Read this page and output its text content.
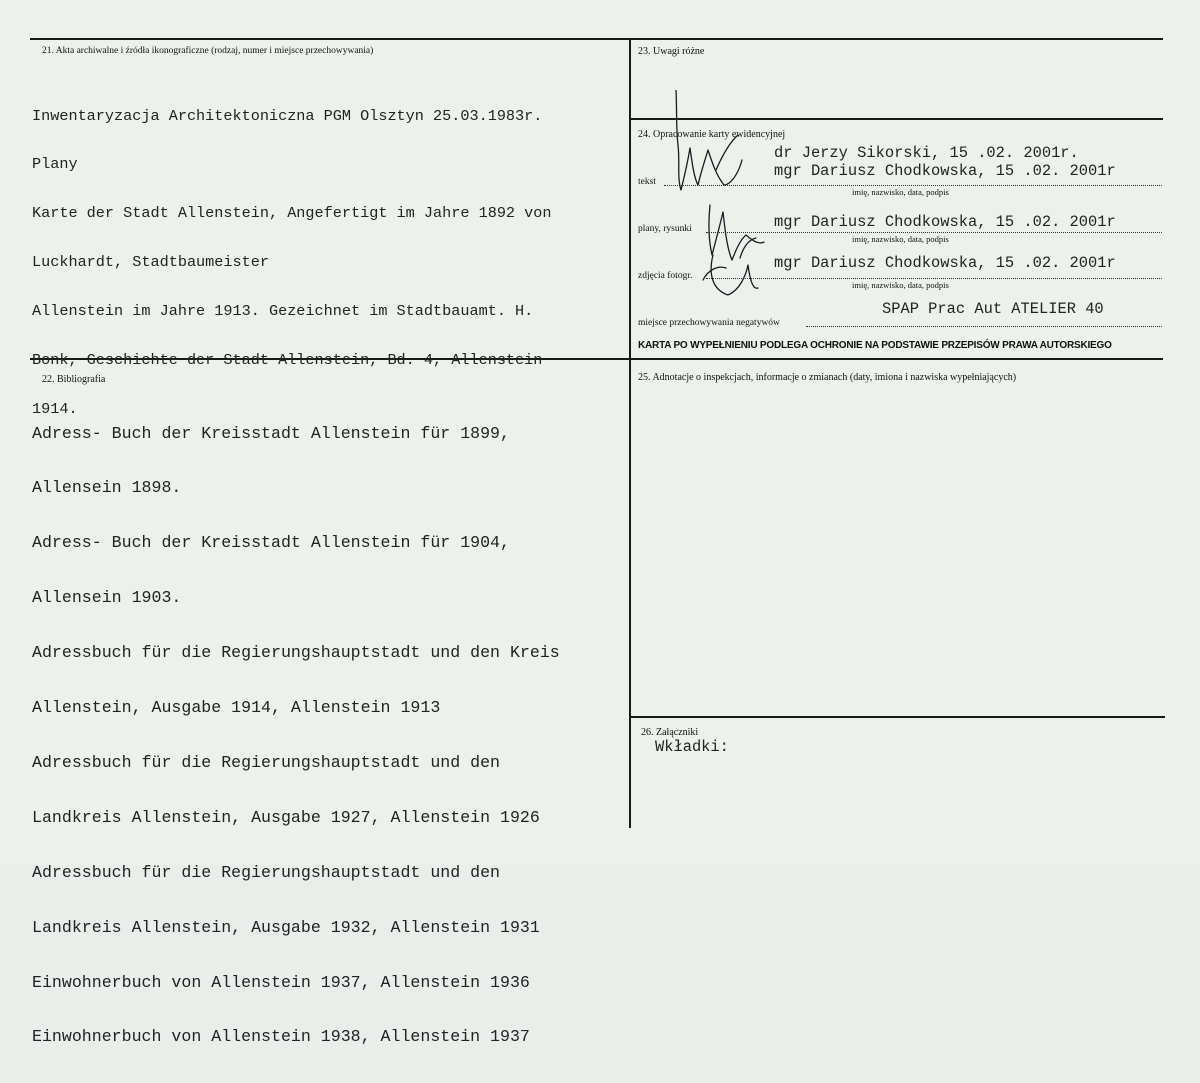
21. Akta archiwalne i źródła ikonograficzne (rodzaj, numer i miejsce przechowywania)

Inwentaryzacja Architektoniczna PGM Olsztyn 25.03.1983r.

Plany

Karte der Stadt Allenstein, Angefertigt im Jahre 1892 von

Luckhardt, Stadtbaumeister

Allenstein im Jahre 1913. Gezeichnet im Stadtbauamt. H.

Bonk, Geschichte der Stadt Allenstein, Bd. 4, Allenstein

1914.

22. Bibliografia

Adress- Buch der Kreisstadt Allenstein für 1899,

Allensein 1898.

Adress- Buch der Kreisstadt Allenstein für 1904,

Allensein 1903.

Adressbuch für die Regierungshauptstadt und den Kreis

Allenstein, Ausgabe 1914, Allenstein 1913

Adressbuch für die Regierungshauptstadt und den

Landkreis Allenstein, Ausgabe 1927, Allenstein 1926

Adressbuch für die Regierungshauptstadt und den

Landkreis Allenstein, Ausgabe 1932, Allenstein 1931

Einwohnerbuch von Allenstein 1937, Allenstein 1936

Einwohnerbuch von Allenstein 1938, Allenstein 1937

23. Uwagi różne
24. Opracowanie karty ewidencyjnej
dr Jerzy Sikorski, 15 .02. 2001r.
mgr Dariusz Chodkowska, 15 .02. 2001r
tekst
imię, nazwisko, data, podpis
mgr Dariusz Chodkowska, 15 .02. 2001r
plany, rysunki
imię, nazwisko, data, podpis
mgr Dariusz Chodkowska, 15 .02. 2001r
zdjęcia fotogr.
imię, nazwisko, data, podpis
SPAP Prac Aut ATELIER 40
miejsce przechowywania negatywów
KARTA PO WYPEŁNIENIU PODLEGA OCHRONIE NA PODSTAWIE PRZEPISÓW PRAWA AUTORSKIEGO
25. Adnotacje o inspekcjach, informacje o zmianach (daty, imiona i nazwiska wypełniających)
26. Załączniki
Wkładki:
